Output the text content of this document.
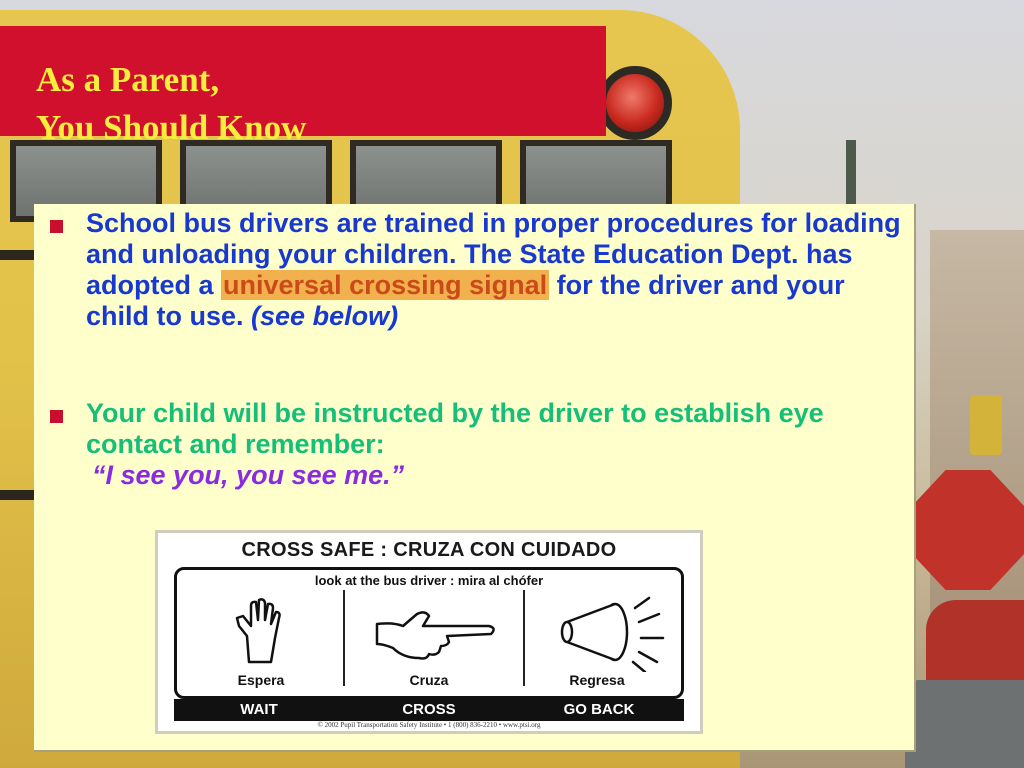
As a Parent,
You Should Know
School bus drivers are trained in proper procedures for loading and unloading your children. The State Education Dept. has adopted a universal crossing signal for the driver and your child to use. (see below)
Your child will be instructed by the driver to establish eye contact and remember:
“I see you, you see me.”
CROSS SAFE : CRUZA CON CUIDADO
look at the bus driver : mira al chófer
Espera	Cruza	Regresa
WAIT	CROSS	GO BACK
© 2002 Pupil Transportation Safety Institute • 1 (800) 836-2210 • www.ptsi.org
